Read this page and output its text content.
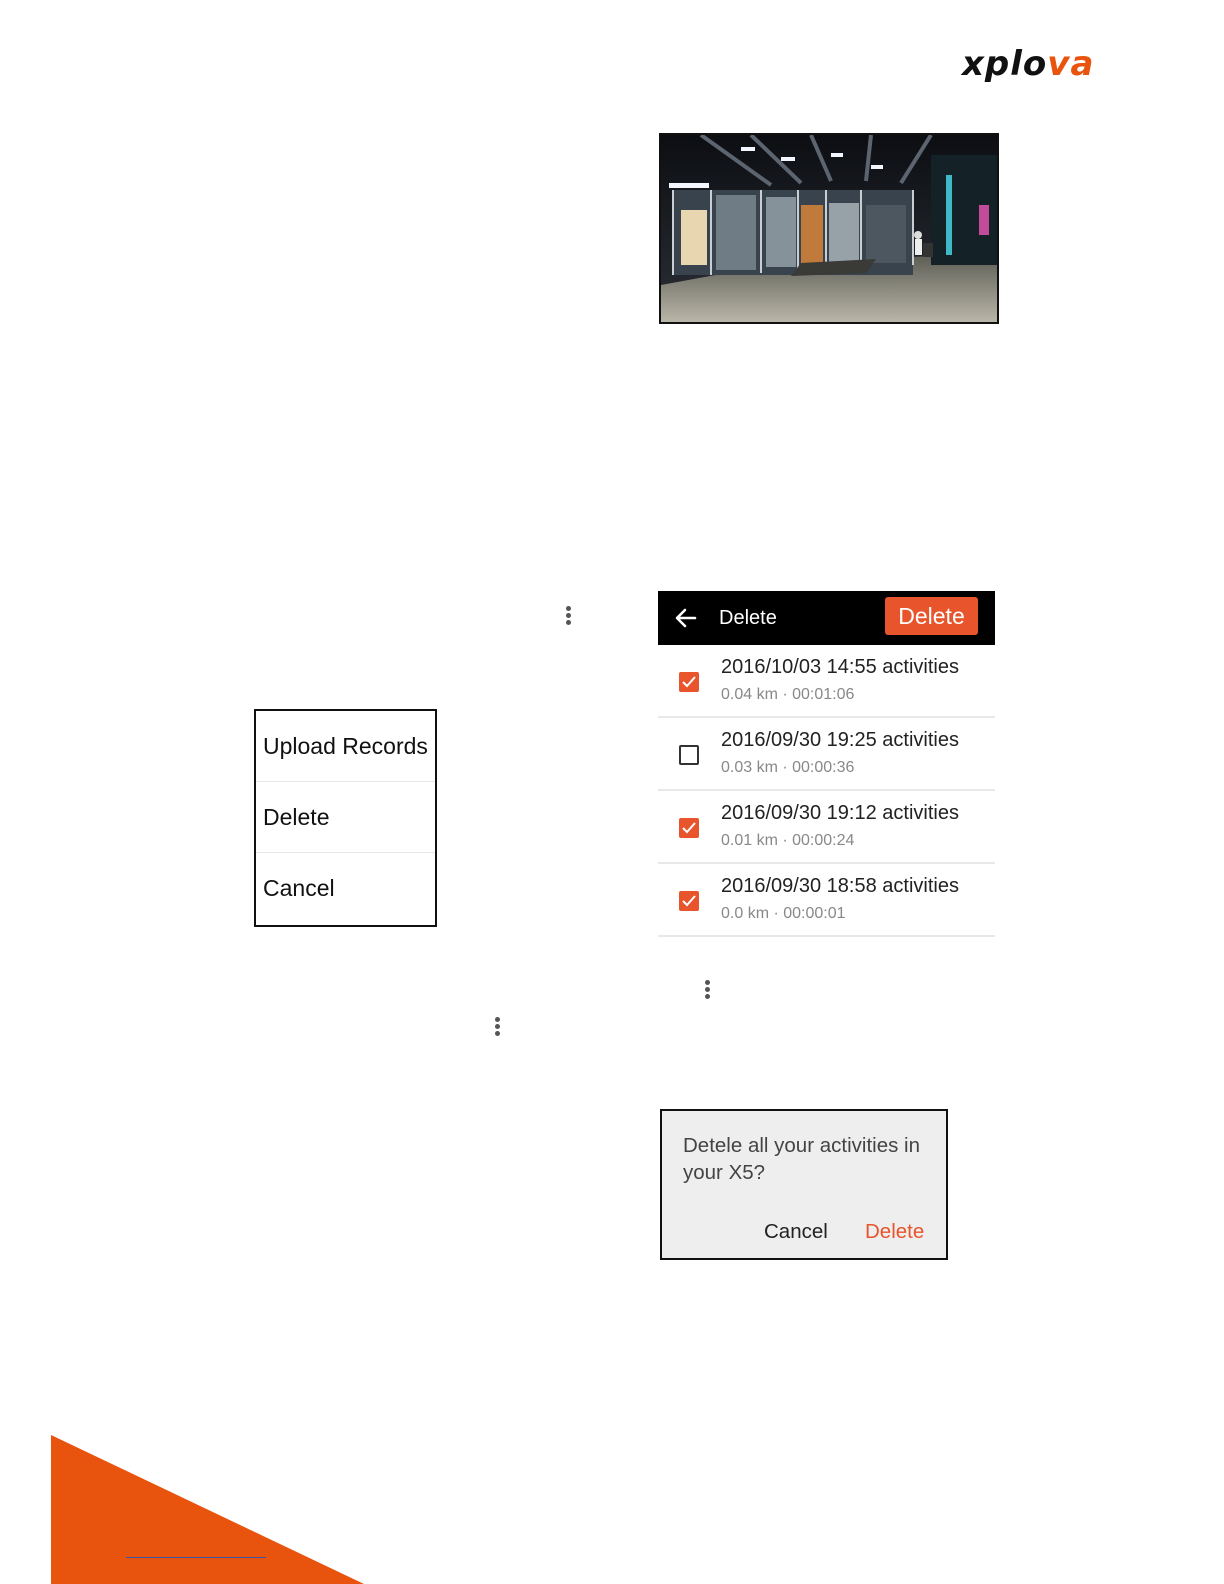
xplova
Upload Records
Delete
Cancel
Delete	Delete
2016/10/03 14:55 activities
0.04 km · 00:01:06
2016/09/30 19:25 activities
0.03 km · 00:00:36
2016/09/30 19:12 activities
0.01 km · 00:00:24
2016/09/30 18:58 activities
0.0 km · 00:00:01
Detele all your activities in your X5?
Cancel Delete
